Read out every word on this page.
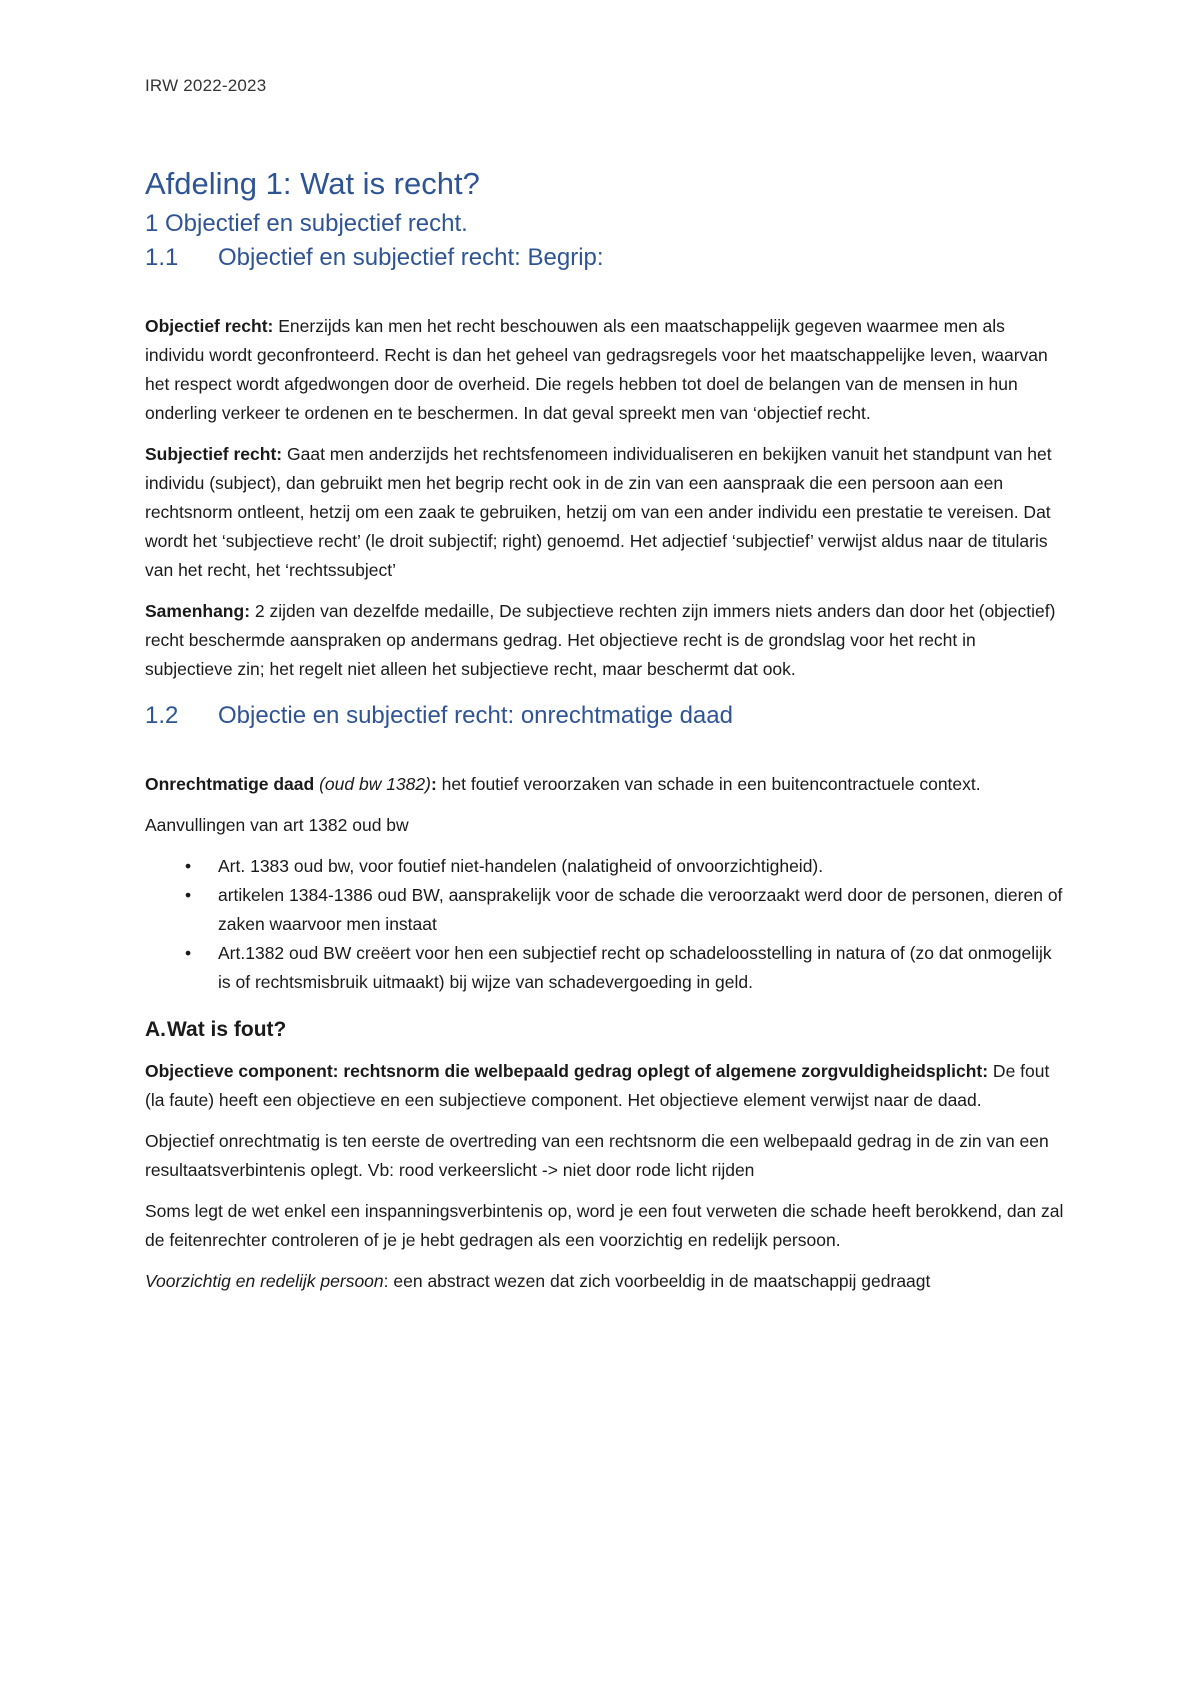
IRW 2022-2023
Afdeling 1: Wat is recht?
1 Objectief en subjectief recht.
1.1	Objectief en subjectief recht: Begrip:

Objectief recht: Enerzijds kan men het recht beschouwen als een maatschappelijk gegeven waarmee men als individu wordt geconfronteerd. Recht is dan het geheel van gedragsregels voor het maatschappelijke leven, waarvan het respect wordt afgedwongen door de overheid. Die regels hebben tot doel de belangen van de mensen in hun onderling verkeer te ordenen en te beschermen. In dat geval spreekt men van ‘objectief recht.

Subjectief recht: Gaat men anderzijds het rechtsfenomeen individualiseren en bekijken vanuit het standpunt van het individu (subject), dan gebruikt men het begrip recht ook in de zin van een aanspraak die een persoon aan een rechtsnorm ontleent, hetzij om een zaak te gebruiken, hetzij om van een ander individu een prestatie te vereisen. Dat wordt het ‘subjectieve recht’ (le droit subjectif; right) genoemd. Het adjectief ‘subjectief’ verwijst aldus naar de titularis van het recht, het ‘rechtssubject’

Samenhang: 2 zijden van dezelfde medaille, De subjectieve rechten zijn immers niets anders dan door het (objectief) recht beschermde aanspraken op andermans gedrag. Het objectieve recht is de grondslag voor het recht in subjectieve zin; het regelt niet alleen het subjectieve recht, maar beschermt dat ook.

1.2	Objectie en subjectief recht: onrechtmatige daad

Onrechtmatige daad (oud bw 1382): het foutief veroorzaken van schade in een buitencontractuele context.

Aanvullingen van art 1382 oud bw

• Art. 1383 oud bw, voor foutief niet-handelen (nalatigheid of onvoorzichtigheid).
• artikelen 1384-1386 oud BW, aansprakelijk voor de schade die veroorzaakt werd door de personen, dieren of zaken waarvoor men instaat
• Art.1382 oud BW creëert voor hen een subjectief recht op schadeloosstelling in natura of (zo dat onmogelijk is of rechtsmisbruik uitmaakt) bij wijze van schadevergoeding in geld.
A. Wat is fout?

Objectieve component: rechtsnorm die welbepaald gedrag oplegt of algemene zorgvuldigheidsplicht: De fout (la faute) heeft een objectieve en een subjectieve component. Het objectieve element verwijst naar de daad.

Objectief onrechtmatig is ten eerste de overtreding van een rechtsnorm die een welbepaald gedrag in de zin van een resultaatsverbintenis oplegt. Vb: rood verkeerslicht -> niet door rode licht rijden

Soms legt de wet enkel een inspanningsverbintenis op, word je een fout verweten die schade heeft berokkend, dan zal de feitenrechter controleren of je je hebt gedragen als een voorzichtig en redelijk persoon.

Voorzichtig en redelijk persoon: een abstract wezen dat zich voorbeeldig in de maatschappij gedraagt
